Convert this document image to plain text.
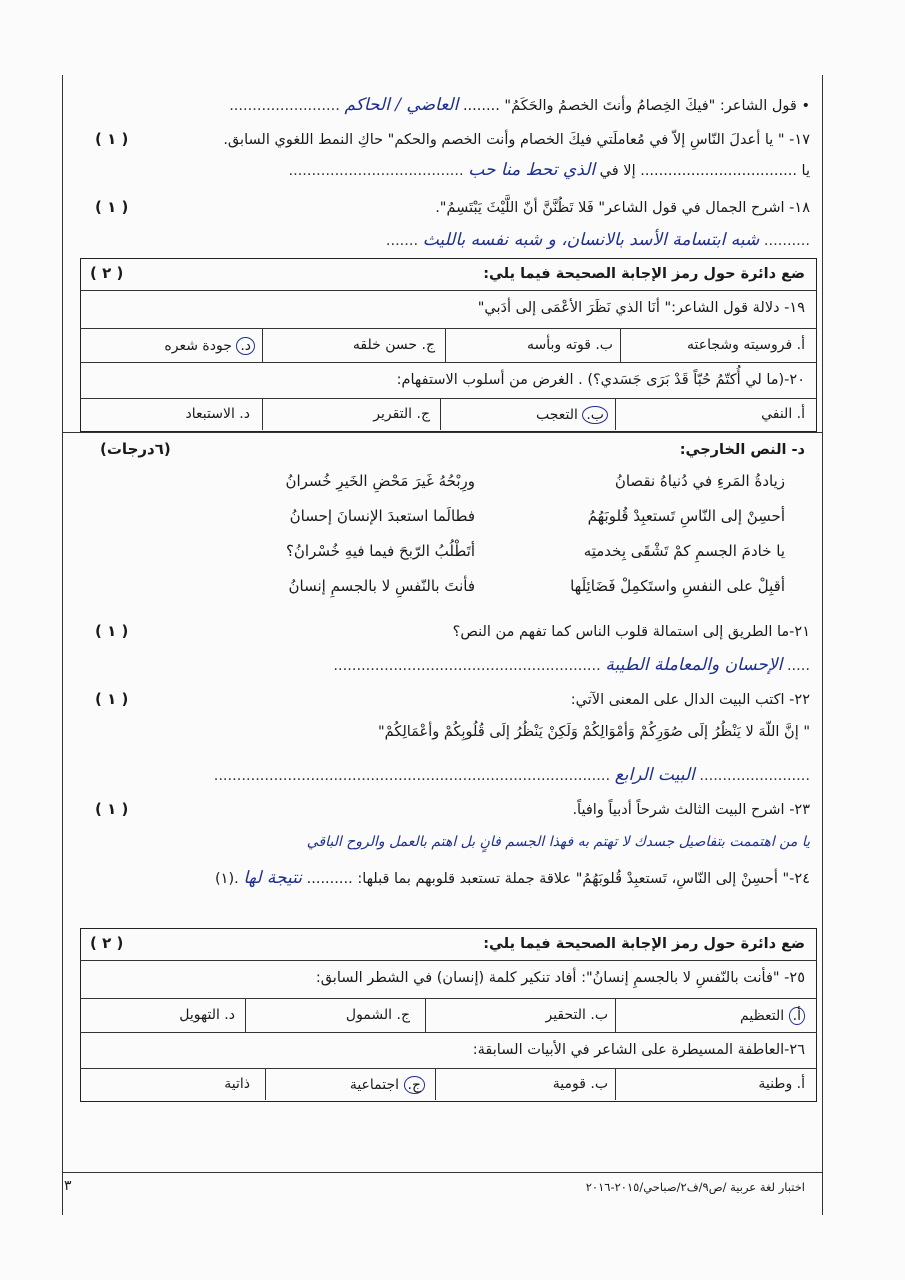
• قول الشاعر: "فيكَ الخِصامُ وأنتَ الخصمُ والحَكَمُ" ........ العاضي / الحاكم ........................
١٧- " يا أعدلَ النّاسِ إلاّ في مُعاملَتي فيكَ الخصام وأنت الخصم والحكم" حاكِ النمط اللغوي السابق.
( ١ )
يا .................................. إلا في الذي تحط منا حب ......................................
١٨- اشرح الجمال في قول الشاعر" فَلا تَظُنَّنَّ أنّ اللَّيْثَ يَبْتَسِمُ".
( ١ )
.......... شبه ابتسامة الأسد بالانسان، و شبه نفسه بالليث .......
ضع دائرة حول رمز الإجابة الصحيحة فيما يلي:
( ٢ )
١٩- دلالة قول الشاعر:" أنَا الذي نَظَرَ الأعْمَى إلى أدَبي"
أ. فروسيته وشجاعته
ب. قوته وبأسه
ج. حسن خلقه
د. جودة شعره
٢٠-(ما لي أُكتّمُ حُبّاً قَدْ بَرَى جَسَدي؟) . الغرض من أسلوب الاستفهام:
أ. النفي
ب. التعجب
ج. التقرير
د. الاستبعاد
د- النص الخارجي:
(٦درجات)
زيادةُ المَرءِ في دُنياهُ نقصانُ
ورِبْحُهُ غَيرَ مَحْضِ الخَيرِ خُسرانُ
أحسِنْ إلى النّاسِ تَستعبِدْ قُلوبَهُمُ
فطالَما استعبدَ الإنسانَ إحسانُ
يا خادمَ الجسمِ كمْ تَشْقَى بِخدمتِه
أتَطْلُبُ الرّبحَ فيما فيهِ خُسْرانُ؟
أقبِلْ على النفسِ واستَكمِلْ فَضَائِلَها
فأنتَ بالنّفسِ لا بالجسمِ إنسانُ
٢١-ما الطريق إلى استمالة قلوب الناس كما تفهم من النص؟
( ١ )
..... الإحسان والمعاملة الطيبة ..........................................................
٢٢- اكتب البيت الدال على المعنى الآتي:
( ١ )
" إنَّ اللّهَ لا يَنْظُرُ إلَى صُوَرِكُمْ وَأمْوَالِكُمْ وَلَكِنْ يَنْظُرُ إلَى قُلُوبِكُمْ وأعْمَالِكُمْ"
........................ البيت الرابع ......................................................................................
٢٣- اشرح البيت الثالث شرحاً أدبياً وافياً.
( ١ )
يا من اهتممت بتفاصيل جسدك لا تهتم به فهذا الجسم فانٍ بل اهتم بالعمل والروح الباقي
٢٤-" أحسِنْ إلى النّاسِ، تَستعبِدْ قُلوبَهُمُ" علاقة جملة تستعبد قلوبهم بما قبلها: .......... نتيجة لها .(١)
ضع دائرة حول رمز الإجابة الصحيحة فيما يلي:
( ٢ )
٢٥- "فأنت بالنّفسِ لا بالجسمِ إنسانُ": أفاد تنكير كلمة (إنسان) في الشطر السابق:
أ. التعظيم
ب. التحقير
ج. الشمول
د. التهويل
٢٦-العاطفة المسيطرة على الشاعر في الأبيات السابقة:
أ. وطنية
ب. قومية
ج. اجتماعية
ذاتية
اختبار لغة عربية /ص٩/ف٢/صباحي/٢٠١٥-٢٠١٦
٣
